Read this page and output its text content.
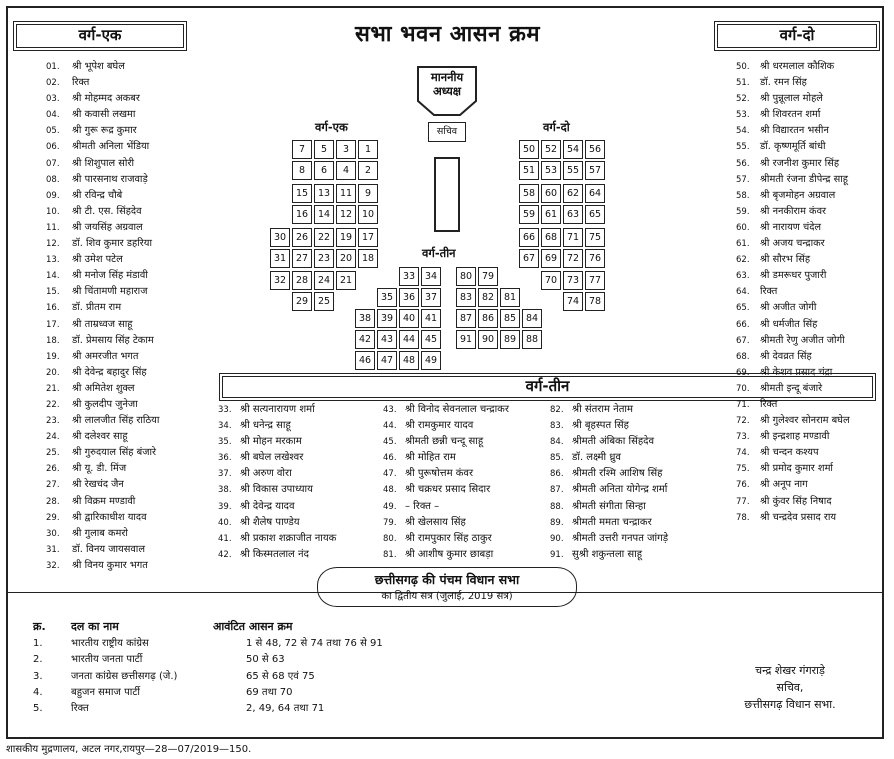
सभा भवन आसन क्रम
वर्ग-एक	वर्ग-दो
वर्ग-तीन
01.	श्री भूपेश बघेल
02.	रिक्त
03.	श्री मोहम्मद अकबर
04.	श्री कवासी लखमा
05.	श्री गुरू रूद्र कुमार
06.	श्रीमती अनिला भेंडिया
07.	श्री शिशुपाल सोरी
08.	श्री पारसनाथ राजवाड़े
09.	श्री रविन्द्र चौबे
10.	श्री टी. एस. सिंहदेव
11.	श्री जयसिंह अग्रवाल
12.	डॉ. शिव कुमार डहरिया
13.	श्री उमेश पटेल
14.	श्री मनोज सिंह मंडावी
15.	श्री चिंतामणी महाराज
16.	डॉ. प्रीतम राम
17.	श्री ताम्रध्वज साहू
18.	डॉ. प्रेमसाय सिंह टेकाम
19.	श्री अमरजीत भगत
20.	श्री देवेन्द्र बहादुर सिंह
21.	श्री अमितेश शुक्ल
22.	श्री कुलदीप जुनेजा
23.	श्री लालजीत सिंह राठिया
24.	श्री दलेश्वर साहू
25.	श्री गुरुदयाल सिंह बंजारे
26.	श्री यू. डी. मिंज
27.	श्री रेखचंद जैन
28.	श्री विक्रम मण्डावी
29.	श्री द्वारिकाधीश यादव
30.	श्री गुलाब कमरो
31.	डॉ. विनय जायसवाल
32.	श्री विनय कुमार भगत
50.	श्री धरमलाल कौशिक
51.	डॉ. रमन सिंह
52.	श्री पुन्नूलाल मोहले
53.	श्री शिवरतन शर्मा
54.	श्री विद्यारतन भसीन
55.	डॉ. कृष्णमूर्ति बांधी
56.	श्री रजनीश कुमार सिंह
57.	श्रीमती रंजना डीपेन्द्र साहू
58.	श्री बृजमोहन अग्रवाल
59.	श्री ननकीराम कंवर
60.	श्री नारायण चंदेल
61.	श्री अजय चन्द्राकर
62.	श्री सौरभ सिंह
63.	श्री डमरूधर पुजारी
64.	रिक्त
65.	श्री अजीत जोगी
66.	श्री धर्मजीत सिंह
67.	श्रीमती रेणु अजीत जोगी
68.	श्री देवव्रत सिंह
69.	श्री केशव प्रसाद चंद्रा
70.	श्रीमती इन्दू बंजारे
71.	रिक्त
72.	श्री गुलेश्वर सोनराम बघेल
73.	श्री इन्द्रशाह मण्डावी
74.	श्री चन्दन कश्यप
75.	श्री प्रमोद कुमार शर्मा
76.	श्री अनूप नाग
77.	श्री कुंवर सिंह निषाद
78.	श्री चन्द्रदेव प्रसाद राय
33. श्री सत्यनारायण शर्मा
34. श्री धनेन्द्र साहू
35. श्री मोहन मरकाम
36. श्री बघेल लखेश्वर
37. श्री अरुण वोरा
38. श्री विकास उपाध्याय
39. श्री देवेन्द्र यादव
40. श्री शैलेष पाण्डेय
41. श्री प्रकाश शक्राजीत नायक
42. श्री किस्मतलाल नंद
43. श्री विनोद सेवनलाल चन्द्राकर
44. श्री रामकुमार यादव
45. श्रीमती छन्नी चन्दू साहू
46. श्री मोहित राम
47. श्री पुरूषोत्तम कंवर
48. श्री चक्रधर प्रसाद सिदार
49. – रिक्त –
79. श्री खेलसाय सिंह
80. श्री रामपुकार सिंह ठाकुर
81. श्री आशीष कुमार छाबड़ा
82. श्री संतराम नेताम
83. श्री बृहस्पत सिंह
84. श्रीमती अंबिका सिंहदेव
85. डॉ. लक्ष्मी ध्रुव
86. श्रीमती रश्मि आशिष सिंह
87. श्रीमती अनिता योगेन्द्र शर्मा
88. श्रीमती संगीता सिन्हा
89. श्रीमती ममता चन्द्राकर
90. श्रीमती उत्तरी गनपत जांगड़े
91. सुश्री शकुन्तला साहू
माननीय
अध्यक्ष
सचिव
वर्ग-एक	वर्ग-दो
वर्ग-तीन
7	5	3	1
8	6	4	2
15	13	11	9
16	14	12	10
30	26	22	19	17
31	27	23	20	18
32	28	24	21
29	25
50	52	54	56
51	53	55	57
58	60	62	64
59	61	63	65
66	68	71	75
67	69	72	76
70	73	77
74	78
33	34	80	79
35	36	37	83	82	81
38	39	40	41	87	86	85	84
42	43	44	45	91	90	89	88
46	47	48	49
छत्तीसगढ़ की पंचम विधान सभा
का द्वितीय सत्र (जुलाई, 2019 सत्र)
क्र. दल का नाम	आवंटित आसन क्रम
1.	भारतीय राष्ट्रीय कांग्रेस	1 से 48, 72 से 74 तथा 76 से 91
2.	भारतीय जनता पार्टी	50 से 63
3.	जनता कांग्रेस छत्तीसगढ़ (जे.)	65 से 68 एवं 75
4.	बहुजन समाज पार्टी	69 तथा 70
5.	रिक्त	2, 49, 64 तथा 71
चन्द्र शेखर गंगराड़े
सचिव,
छत्तीसगढ़ विधान सभा.
शासकीय मुद्रणालय, अटल नगर,रायपुर—28—07/2019—150.
